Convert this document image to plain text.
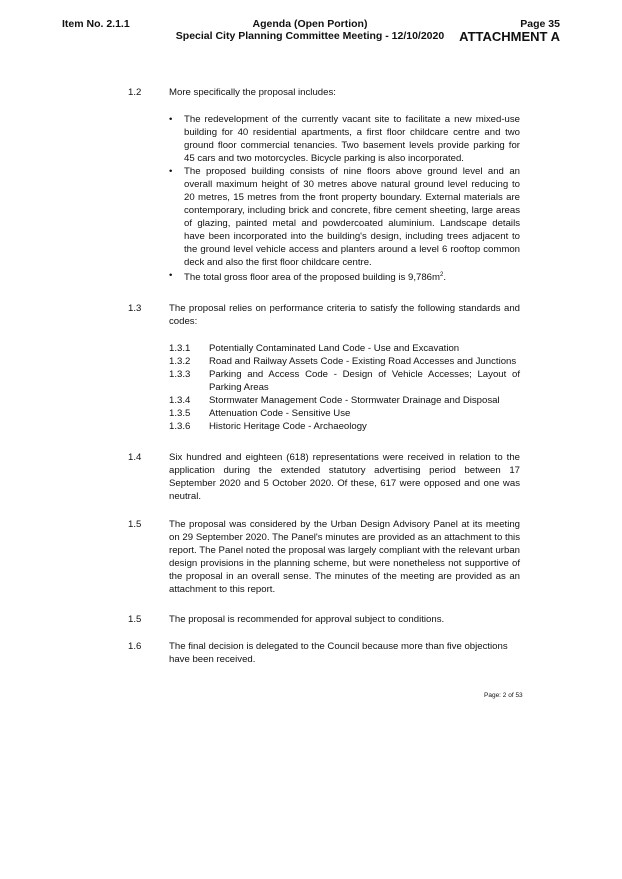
Item No. 2.1.1	Agenda (Open Portion)
Special City Planning Committee Meeting - 12/10/2020
Page 35
ATTACHMENT A
1.2	More specifically the proposal includes:

• The redevelopment of the currently vacant site to facilitate a new mixed-use building for 40 residential apartments, a first floor childcare centre and two ground floor commercial tenancies. Two basement levels provide parking for 45 cars and two motorcycles. Bicycle parking is also incorporated.
• The proposed building consists of nine floors above ground level and an overall maximum height of 30 metres above natural ground level reducing to 20 metres, 15 metres from the front property boundary. External materials are contemporary, including brick and concrete, fibre cement sheeting, large areas of glazing, painted metal and powdercoated aluminium. Landscape details have been incorporated into the building's design, including trees adjacent to the ground level vehicle access and planters around a level 6 rooftop common deck and also the first floor childcare centre.
• The total gross floor area of the proposed building is $9,786m^2$.
1.3	The proposal relies on performance criteria to satisfy the following standards and codes:

1.3.1	Potentially Contaminated Land Code - Use and Excavation
1.3.2	Road and Railway Assets Code - Existing Road Accesses and Junctions
1.3.3	Parking and Access Code - Design of Vehicle Accesses; Layout of Parking Areas
1.3.4	Stormwater Management Code - Stormwater Drainage and Disposal
1.3.5	Attenuation Code - Sensitive Use
1.3.6	Historic Heritage Code - Archaeology
1.4	Six hundred and eighteen (618) representations were received in relation to the application during the extended statutory advertising period between 17 September 2020 and 5 October 2020. Of these, 617 were opposed and one was neutral.

1.5	The proposal was considered by the Urban Design Advisory Panel at its meeting on 29 September 2020. The Panel's minutes are provided as an attachment to this report. The Panel noted the proposal was largely compliant with the relevant urban design provisions in the planning scheme, but were nonetheless not supportive of the proposal in an overall sense. The minutes of the meeting are provided as an attachment to this report.

1.5	The proposal is recommended for approval subject to conditions.

1.6	The final decision is delegated to the Council because more than five objections have been received.

Page: 2 of 53
